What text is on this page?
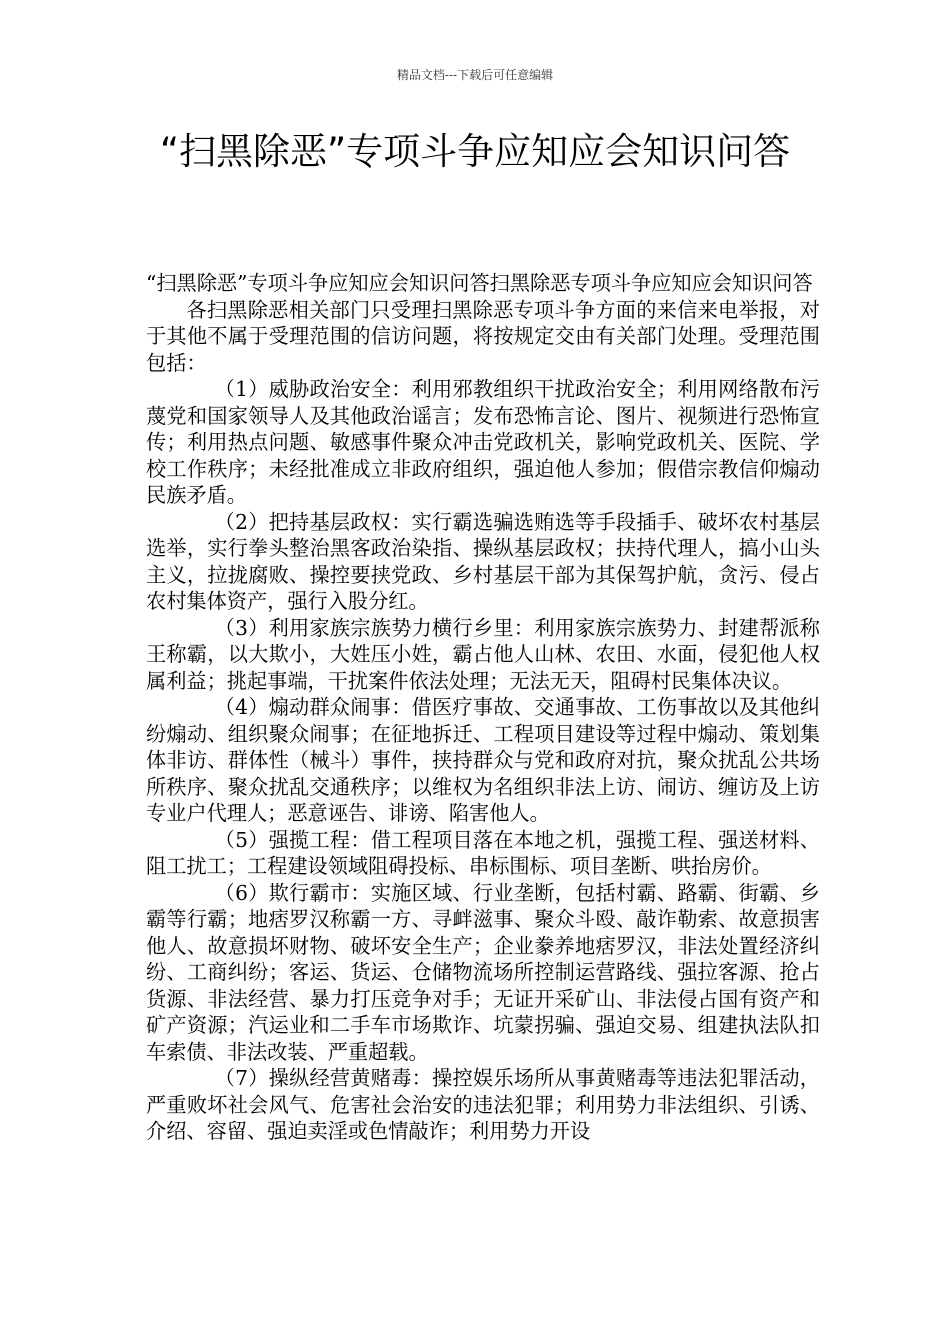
精品文档---下载后可任意编辑
“扫黑除恶”专项斗争应知应会知识问答

“扫黑除恶”专项斗争应知应会知识问答扫黑除恶专项斗争应知应会知识问答

各扫黑除恶相关部门只受理扫黑除恶专项斗争方面的来信来电举报，对于其他不属于受理范围的信访问题，将按规定交由有关部门处理。受理范围包括：

（1）威胁政治安全：利用邪教组织干扰政治安全；利用网络散布污蔑党和国家领导人及其他政治谣言；发布恐怖言论、图片、视频进行恐怖宣传；利用热点问题、敏感事件聚众冲击党政机关，影响党政机关、医院、学校工作秩序；未经批准成立非政府组织，强迫他人参加；假借宗教信仰煽动民族矛盾。

（2）把持基层政权：实行霸选骗选贿选等手段插手、破坏农村基层选举，实行拳头整治黑客政治染指、操纵基层政权；扶持代理人，搞小山头主义，拉拢腐败、操控要挟党政、乡村基层干部为其保驾护航，贪污、侵占农村集体资产，强行入股分红。

（3）利用家族宗族势力横行乡里：利用家族宗族势力、封建帮派称王称霸，以大欺小，大姓压小姓，霸占他人山林、农田、水面，侵犯他人权属利益；挑起事端，干扰案件依法处理；无法无天，阻碍村民集体决议。

（4）煽动群众闹事：借医疗事故、交通事故、工伤事故以及其他纠纷煽动、组织聚众闹事；在征地拆迁、工程项目建设等过程中煽动、策划集体非访、群体性（械斗）事件，挟持群众与党和政府对抗，聚众扰乱公共场所秩序、聚众扰乱交通秩序；以维权为名组织非法上访、闹访、缠访及上访专业户代理人；恶意诬告、诽谤、陷害他人。

（5）强揽工程：借工程项目落在本地之机，强揽工程、强送材料、阻工扰工；工程建设领域阻碍投标、串标围标、项目垄断、哄抬房价。

（6）欺行霸市：实施区域、行业垄断，包括村霸、路霸、街霸、乡霸等行霸；地痞罗汉称霸一方、寻衅滋事、聚众斗殴、敲诈勒索、故意损害他人、故意损坏财物、破坏安全生产；企业豢养地痞罗汉，非法处置经济纠纷、工商纠纷；客运、货运、仓储物流场所控制运营路线、强拉客源、抢占货源、非法经营、暴力打压竞争对手；无证开采矿山、非法侵占国有资产和矿产资源；汽运业和二手车市场欺诈、坑蒙拐骗、强迫交易、组建执法队扣车索债、非法改装、严重超载。

（7）操纵经营黄赌毒：操控娱乐场所从事黄赌毒等违法犯罪活动，严重败坏社会风气、危害社会治安的违法犯罪；利用势力非法组织、引诱、介绍、容留、强迫卖淫或色情敲诈；利用势力开设
